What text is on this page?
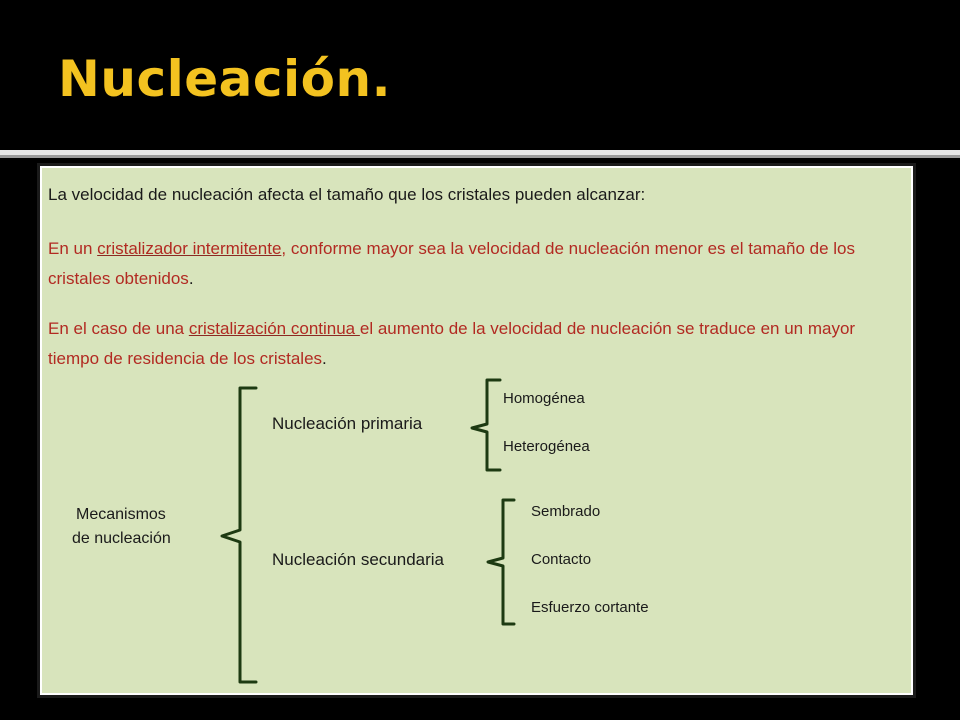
Nucleación.

La velocidad de nucleación afecta el tamaño que los cristales pueden alcanzar:

En un cristalizador intermitente, conforme mayor sea la velocidad de nucleación menor es el tamaño de los cristales obtenidos.

En el caso de una cristalización continua el aumento de la velocidad de nucleación se traduce en un mayor tiempo de residencia de los cristales.

Mecanismos
de nucleación
Nucleación primaria
Homogénea
Heterogénea
Nucleación secundaria
Sembrado
Contacto
Esfuerzo cortante
